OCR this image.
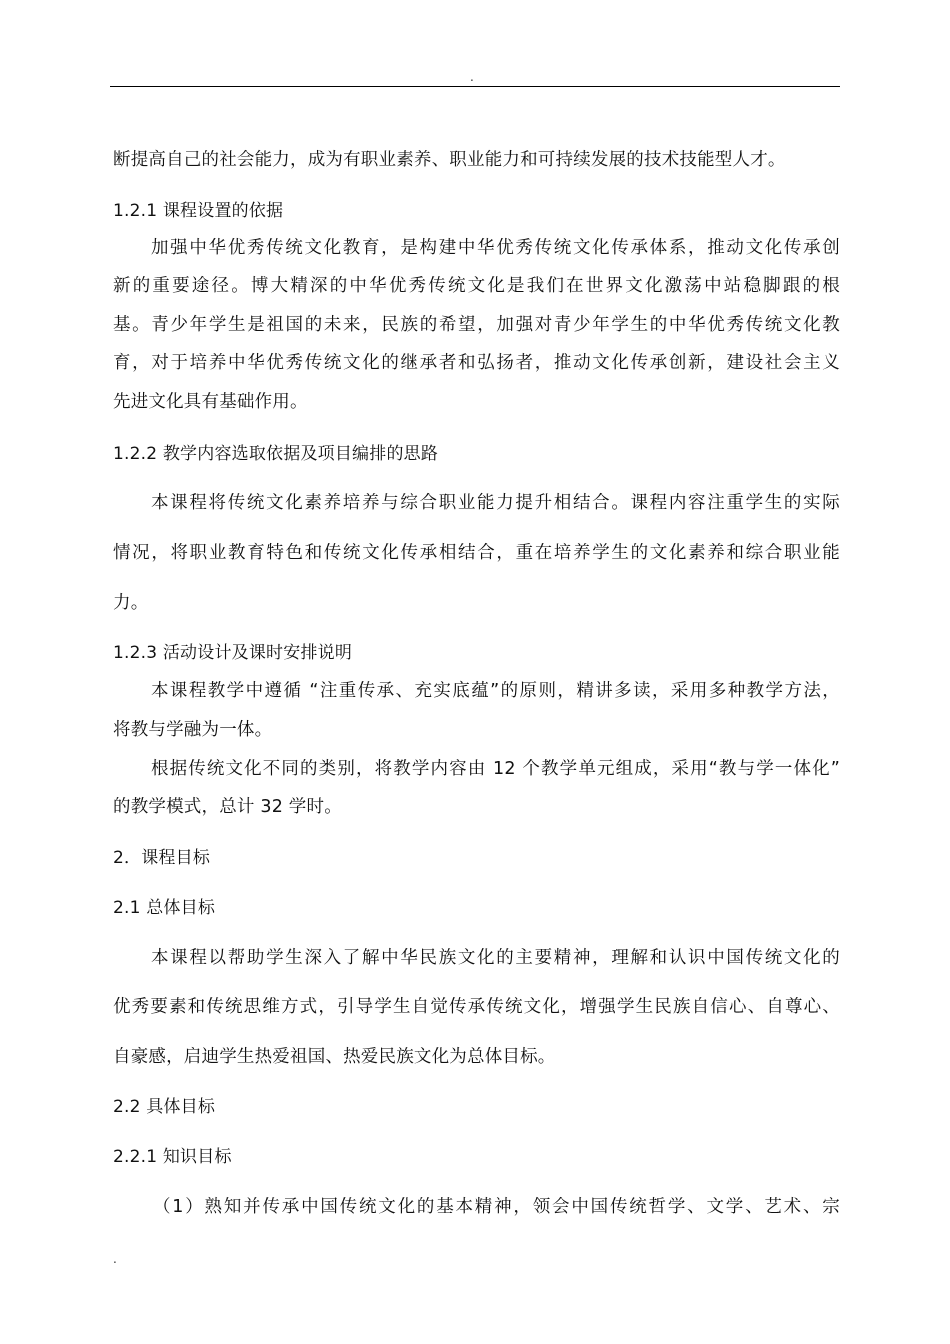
.
断提高自己的社会能力，成为有职业素养、职业能力和可持续发展的技术技能型人才。
1.2.1 课程设置的依据
加强中华优秀传统文化教育，是构建中华优秀传统文化传承体系，推动文化传承创
新的重要途径。博大精深的中华优秀传统文化是我们在世界文化激荡中站稳脚跟的根
基。青少年学生是祖国的未来，民族的希望，加强对青少年学生的中华优秀传统文化教
育，对于培养中华优秀传统文化的继承者和弘扬者，推动文化传承创新，建设社会主义
先进文化具有基础作用。
1.2.2 教学内容选取依据及项目编排的思路
本课程将传统文化素养培养与综合职业能力提升相结合。课程内容注重学生的实际
情况，将职业教育特色和传统文化传承相结合，重在培养学生的文化素养和综合职业能
力。
1.2.3 活动设计及课时安排说明
本课程教学中遵循 “注重传承、充实底蕴”的原则，精讲多读，采用多种教学方法，
将教与学融为一体。
根据传统文化不同的类别，将教学内容由 12 个教学单元组成，采用“教与学一体化”
的教学模式，总计 32 学时。
2．课程目标
2.1 总体目标
本课程以帮助学生深入了解中华民族文化的主要精神，理解和认识中国传统文化的
优秀要素和传统思维方式，引导学生自觉传承传统文化，增强学生民族自信心、自尊心、
自豪感，启迪学生热爱祖国、热爱民族文化为总体目标。
2.2 具体目标
2.2.1 知识目标
（1）熟知并传承中国传统文化的基本精神，领会中国传统哲学、文学、艺术、宗
.
